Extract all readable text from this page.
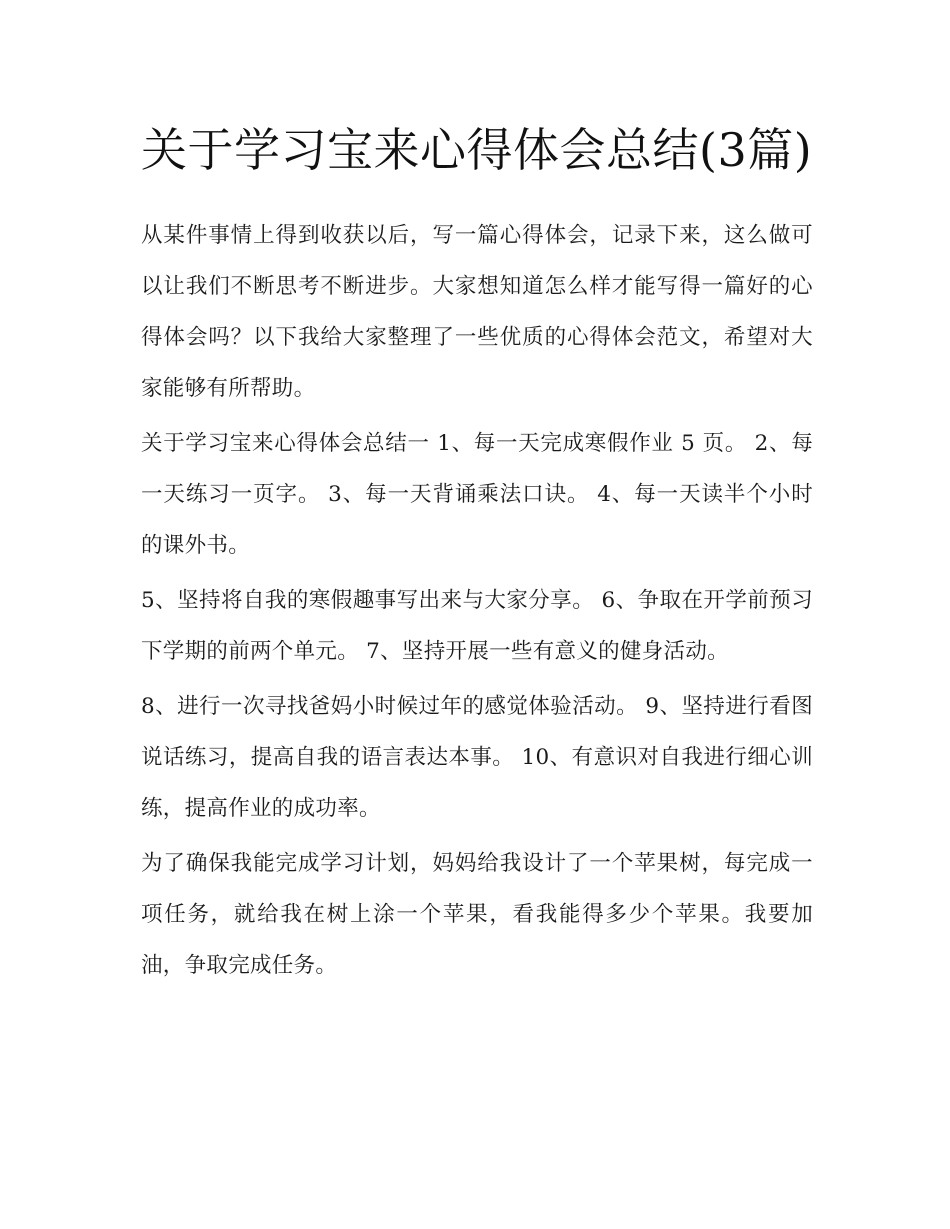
关于学习宝来心得体会总结(3篇)

从某件事情上得到收获以后，写一篇心得体会，记录下来，这么做可以让我们不断思考不断进步。大家想知道怎么样才能写得一篇好的心得体会吗？以下我给大家整理了一些优质的心得体会范文，希望对大家能够有所帮助。

关于学习宝来心得体会总结一 1、每一天完成寒假作业 5 页。 2、每一天练习一页字。 3、每一天背诵乘法口诀。 4、每一天读半个小时的课外书。

5、坚持将自我的寒假趣事写出来与大家分享。 6、争取在开学前预习下学期的前两个单元。 7、坚持开展一些有意义的健身活动。

8、进行一次寻找爸妈小时候过年的感觉体验活动。 9、坚持进行看图说话练习，提高自我的语言表达本事。 10、有意识对自我进行细心训练，提高作业的成功率。

为了确保我能完成学习计划，妈妈给我设计了一个苹果树，每完成一项任务，就给我在树上涂一个苹果，看我能得多少个苹果。我要加油，争取完成任务。
